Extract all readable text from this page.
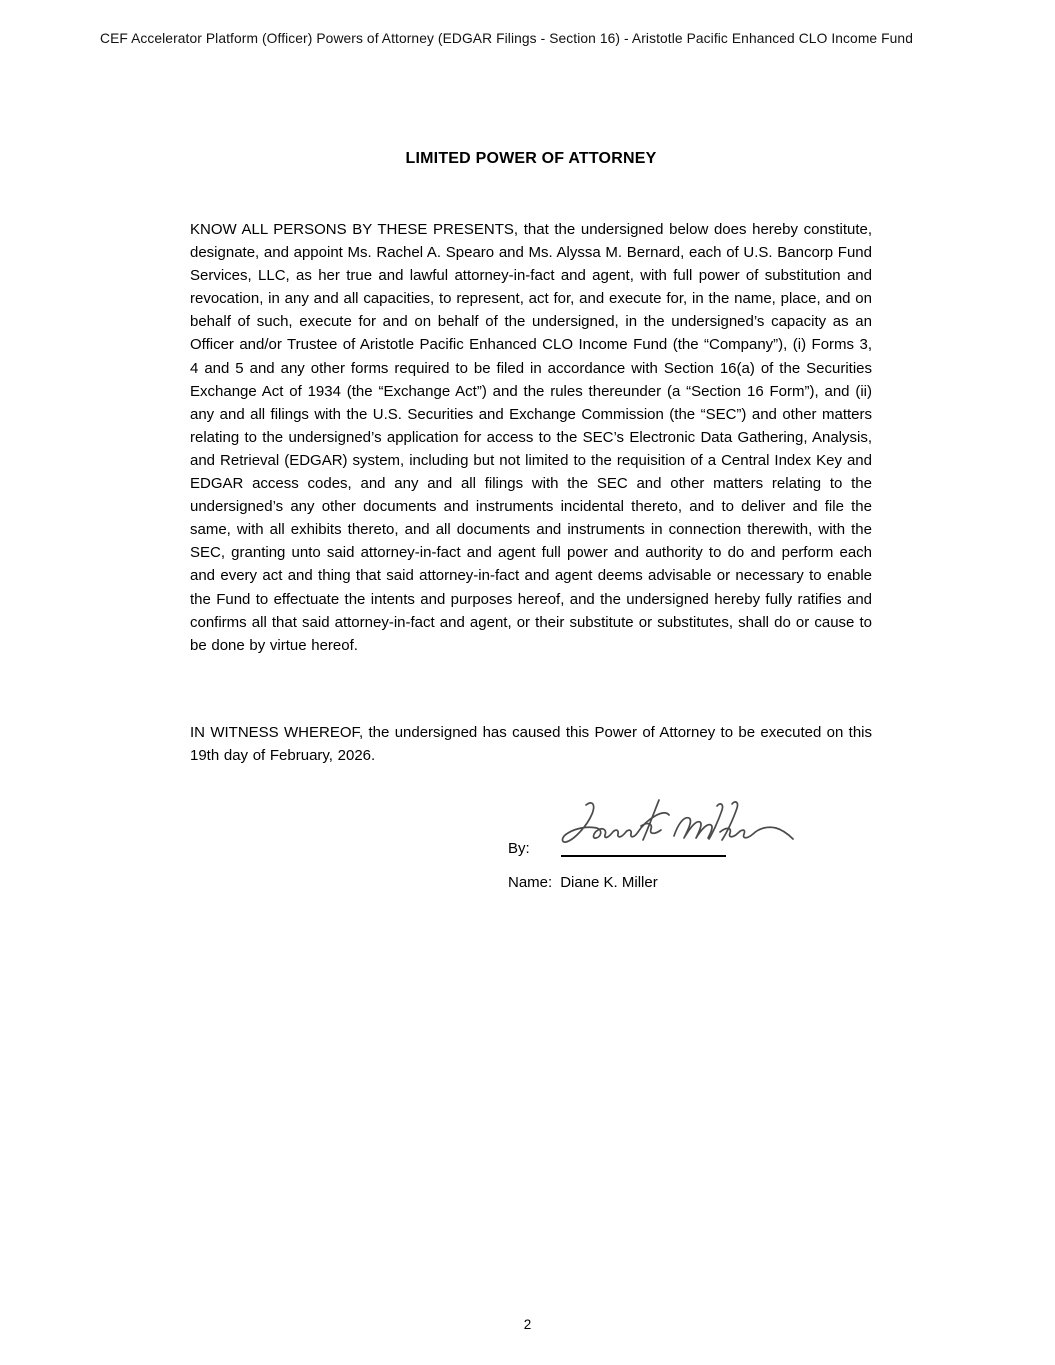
CEF Accelerator Platform (Officer) Powers of Attorney (EDGAR Filings - Section 16) - Aristotle Pacific Enhanced CLO Income Fund
LIMITED POWER OF ATTORNEY
KNOW ALL PERSONS BY THESE PRESENTS, that the undersigned below does hereby constitute, designate, and appoint Ms. Rachel A. Spearo and Ms. Alyssa M. Bernard, each of U.S. Bancorp Fund Services, LLC, as her true and lawful attorney-in-fact and agent, with full power of substitution and revocation, in any and all capacities, to represent, act for, and execute for, in the name, place, and on behalf of such, execute for and on behalf of the undersigned, in the undersigned’s capacity as an Officer and/or Trustee of Aristotle Pacific Enhanced CLO Income Fund (the “Company”), (i) Forms 3, 4 and 5 and any other forms required to be filed in accordance with Section 16(a) of the Securities Exchange Act of 1934 (the “Exchange Act”) and the rules thereunder (a “Section 16 Form”), and (ii) any and all filings with the U.S. Securities and Exchange Commission (the “SEC”) and other matters relating to the undersigned’s application for access to the SEC’s Electronic Data Gathering, Analysis, and Retrieval (EDGAR) system, including but not limited to the requisition of a Central Index Key and EDGAR access codes, and any and all filings with the SEC and other matters relating to the undersigned’s any other documents and instruments incidental thereto, and to deliver and file the same, with all exhibits thereto, and all documents and instruments in connection therewith, with the SEC, granting unto said attorney-in-fact and agent full power and authority to do and perform each and every act and thing that said attorney-in-fact and agent deems advisable or necessary to enable the Fund to effectuate the intents and purposes hereof, and the undersigned hereby fully ratifies and confirms all that said attorney-in-fact and agent, or their substitute or substitutes, shall do or cause to be done by virtue hereof.
IN WITNESS WHEREOF, the undersigned has caused this Power of Attorney to be executed on this 19th day of February, 2026.
By:
Name: Diane K. Miller
2
